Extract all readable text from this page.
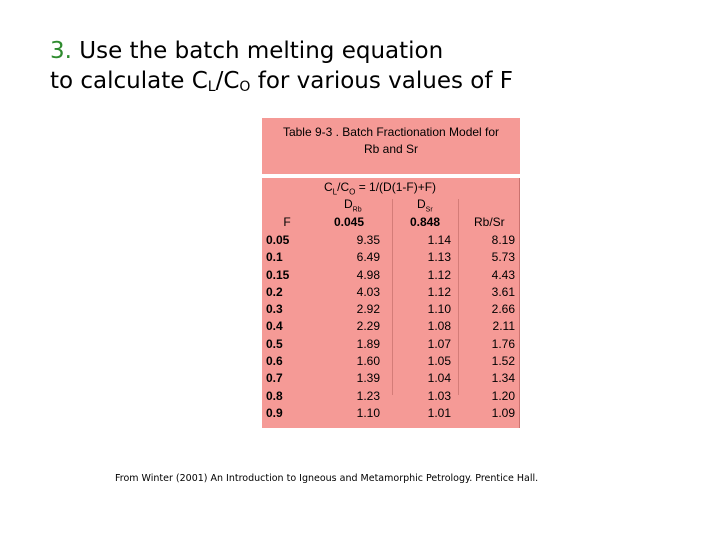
3. Use the batch melting equation
to calculate $C_L/C_O$ for various values of F
Table 9-3 . Batch Fractionation Model for
Rb and Sr
$C_L/C_O = 1/(D(1-F)+F)$
$D_{Rb}$	$D_{Sr}$
F	0.045	0.848	Rb/Sr
0.05	9.35	1.14	8.19
0.1	6.49	1.13	5.73
0.15	4.98	1.12	4.43
0.2	4.03	1.12	3.61
0.3	2.92	1.10	2.66
0.4	2.29	1.08	2.11
0.5	1.89	1.07	1.76
0.6	1.60	1.05	1.52
0.7	1.39	1.04	1.34
0.8	1.23	1.03	1.20
0.9	1.10	1.01	1.09
From Winter (2001) An Introduction to Igneous and Metamorphic Petrology. Prentice Hall.
